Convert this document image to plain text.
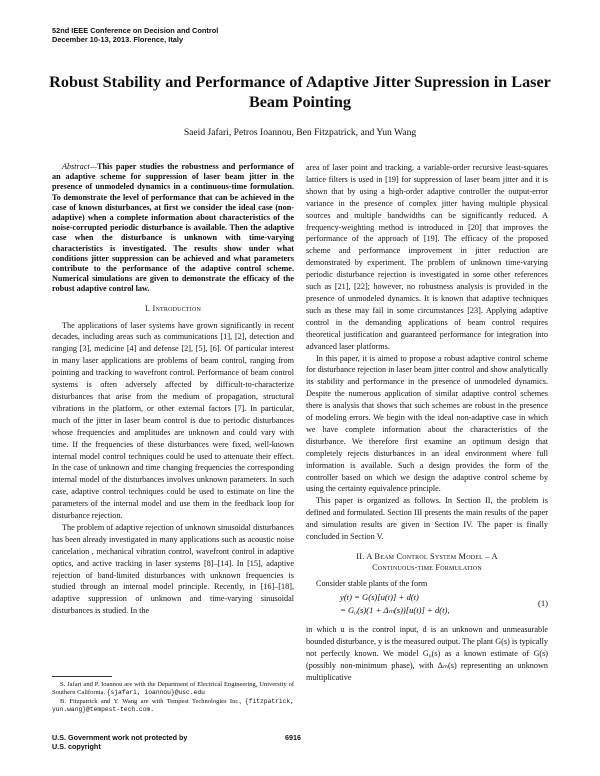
52nd IEEE Conference on Decision and Control
December 10-13, 2013. Florence, Italy
Robust Stability and Performance of Adaptive Jitter Supression in Laser Beam Pointing
Saeid Jafari, Petros Ioannou, Ben Fitzpatrick, and Yun Wang

Abstract—This paper studies the robustness and performance of an adaptive scheme for suppression of laser beam jitter in the presence of unmodeled dynamics in a continuous-time formulation. To demonstrate the level of performance that can be achieved in the case of known disturbances, at first we consider the ideal case (non-adaptive) when a complete information about characteristics of the noise-corrupted periodic disturbance is available. Then the adaptive case when the disturbance is unknown with time-varying characteristics is investigated. The results show under what conditions jitter suppression can be achieved and what parameters contribute to the performance of the adaptive control scheme. Numerical simulations are given to demonstrate the efficacy of the robust adaptive control law.

I. Introduction

The applications of laser systems have grown significantly in recent decades, including areas such as communications [1], [2], detection and ranging [3], medicine [4] and defense [2], [5], [6]. Of particular interest in many laser applications are problems of beam control, ranging from pointing and tracking to wavefront control. Performance of beam control systems is often adversely affected by difficult-to-characterize disturbances that arise from the medium of propagation, structural vibrations in the platform, or other external factors [7]. In particular, much of the jitter in laser beam control is due to periodic disturbances whose frequencies and amplitudes are unknown and could vary with time. If the frequencies of these disturbances were fixed, well-known internal model control techniques could be used to attenuate their effect. In the case of unknown and time changing frequencies the corresponding internal model of the disturbances involves unknown parameters. In such case, adaptive control techniques could be used to estimate on line the parameters of the internal model and use them in the feedback loop for disturbance rejection.

The problem of adaptive rejection of unknown sinusoidal disturbances has been already investigated in many applications such as acoustic noise cancelation , mechanical vibration control, wavefront control in adaptive optics, and active tracking in laser systems [8]–[14]. In [15], adaptive rejection of band-limited disturbances with unknown frequencies is studied through an internal model principle. Recently, in [16]–[18], adaptive suppression of unknown and time-varying sinusoidal disturbances is studied. In the

area of laser point and tracking, a variable-order recursive least-squares lattice filters is used in [19] for suppression of laser beam jitter and it is shown that by using a high-order adaptive controller the output-error variance in the presence of complex jitter having multiple physical sources and multiple bandwidths can be significantly reduced. A frequency-weighting method is introduced in [20] that improves the performance of the approach of [19]. The efficacy of the proposed scheme and performance improvement in jitter reduction are demonstrated by experiment. The problem of unknown time-varying periodic disturbance rejection is investigated in some other references such as [21], [22]; however, no robustness analysis is provided in the presence of unmodeled dynamics. It is known that adaptive techniques such as these may fail in some circumstances [23]. Applying adaptive control in the demanding applications of beam control requires theoretical justification and guaranteed performance for integration into advanced laser platforms.

In this paper, it is aimed to propose a robust adaptive control scheme for disturbance rejection in laser beam jitter control and show analytically its stability and performance in the presence of unmodeled dynamics. Despite the numerous application of similar adaptive control schemes there is analysis that shows that such schemes are robust in the presence of modeling errors. We begin with the ideal non-adaptive case in which we have complete information about the characteristics of the disturbance. We therefore first examine an optimum design that completely rejects disturbances in an ideal environment where full information is available. Such a design provides the form of the controller based on which we design the adaptive control scheme by using the certainty equivalence principle.

This paper is organized as follows. In Section II, the problem is defined and formulated. Section III presents the main results of the paper and simulation results are given in Section IV. The paper is finally concluded in Section V.

II. A Beam Control System Model – A
Continuous-time Formulation

Consider stable plants of the form

y(t) = G(s)[u(t)] + d(t)
= G₀(s)(1 + Δₘ(s))[u(t)] + d(t),
(1)

in which u is the control input, d is an unknown and unmeasurable bounded disturbance, y is the measured output. The plant G(s) is typically not perfectly known. We model G₀(s) as a known estimate of G(s) (possibly non-minimum phase), with Δₘ(s) representing an unknown multiplicative

S. Jafari and P. Ioannou are with the Department of Electrical Engineering, University of Southern California. {sjafari, ioannou}@usc.edu

B. Fitzpatrick and Y. Wang are with Tempest Technologies Inc., {fitzpatrick, yun.wang}@tempest-tech.com.

U.S. Government work not protected by
U.S. copyright
6916
